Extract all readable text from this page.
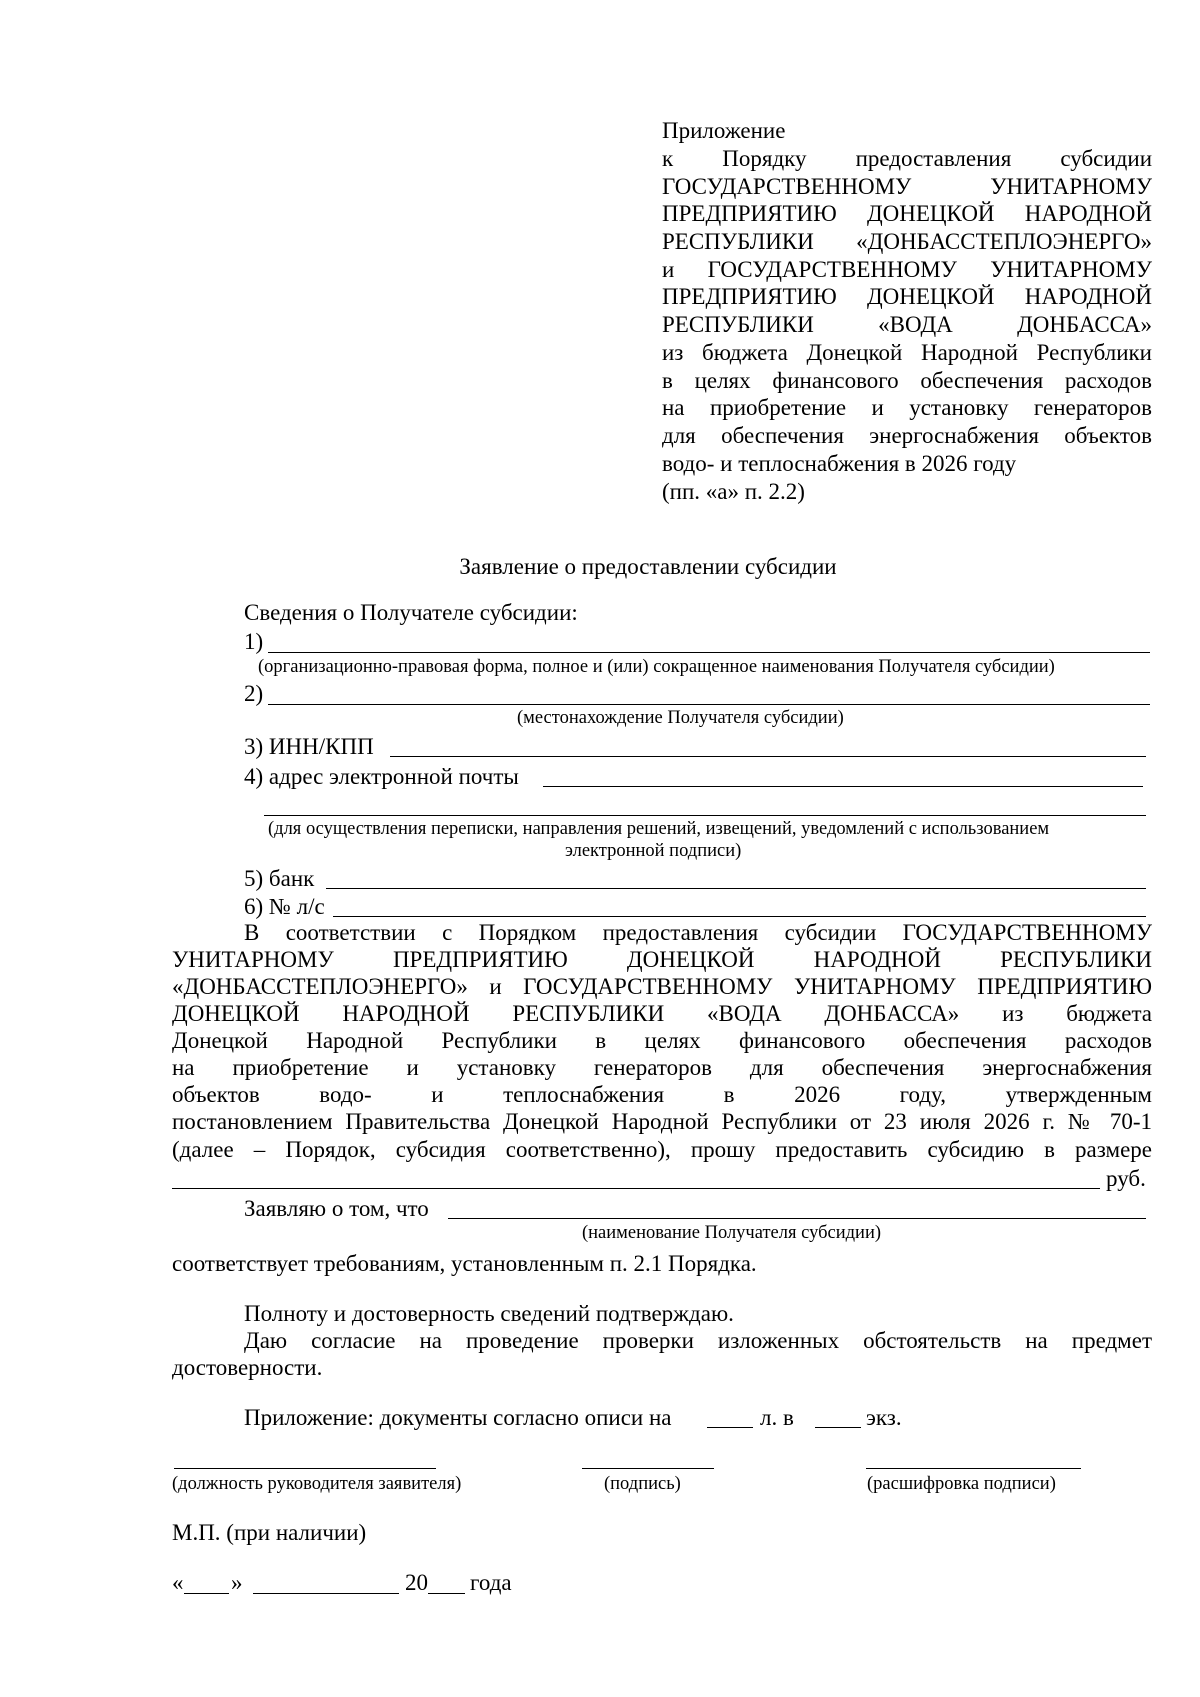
Приложение
к Порядку предоставления субсидии
ГОСУДАРСТВЕННОМУ УНИТАРНОМУ
ПРЕДПРИЯТИЮ ДОНЕЦКОЙ НАРОДНОЙ
РЕСПУБЛИКИ «ДОНБАССТЕПЛОЭНЕРГО»
и ГОСУДАРСТВЕННОМУ УНИТАРНОМУ
ПРЕДПРИЯТИЮ ДОНЕЦКОЙ НАРОДНОЙ
РЕСПУБЛИКИ «ВОДА ДОНБАССА»
из бюджета Донецкой Народной Республики
в целях финансового обеспечения расходов
на приобретение и установку генераторов
для обеспечения энергоснабжения объектов
водо- и теплоснабжения в 2026 году
(пп. «а» п. 2.2)
Заявление о предоставлении субсидии
Сведения о Получателе субсидии:
1)
(организационно-правовая форма, полное и (или) сокращенное наименования Получателя субсидии)
2)
(местонахождение Получателя субсидии)
3) ИНН/КПП
4) адрес электронной почты
(для осуществления переписки, направления решений, извещений, уведомлений с использованием
электронной подписи)
5) банк
6) № л/с
В соответствии с Порядком предоставления субсидии ГОСУДАРСТВЕННОМУ
УНИТАРНОМУ ПРЕДПРИЯТИЮ ДОНЕЦКОЙ НАРОДНОЙ РЕСПУБЛИКИ
«ДОНБАССТЕПЛОЭНЕРГО» и ГОСУДАРСТВЕННОМУ УНИТАРНОМУ ПРЕДПРИЯТИЮ
ДОНЕЦКОЙ НАРОДНОЙ РЕСПУБЛИКИ «ВОДА ДОНБАССА» из бюджета
Донецкой Народной Республики в целях финансового обеспечения расходов
на приобретение и установку генераторов для обеспечения энергоснабжения
объектов водо- и теплоснабжения в 2026 году, утвержденным
постановлением Правительства Донецкой Народной Республики от 23 июля 2026 г. № 70-1
(далее – Порядок, субсидия соответственно), прошу предоставить субсидию в размере
руб.
Заявляю о том, что
(наименование Получателя субсидии)
соответствует требованиям, установленным п. 2.1 Порядка.
Полноту и достоверность сведений подтверждаю.
Даю согласие на проведение проверки изложенных обстоятельств на предмет
достоверности.
Приложение: документы согласно описи на	л. в	экз.
(должность руководителя заявителя)	(подпись)	(расшифровка подписи)
М.П. (при наличии)
« »	20 года
